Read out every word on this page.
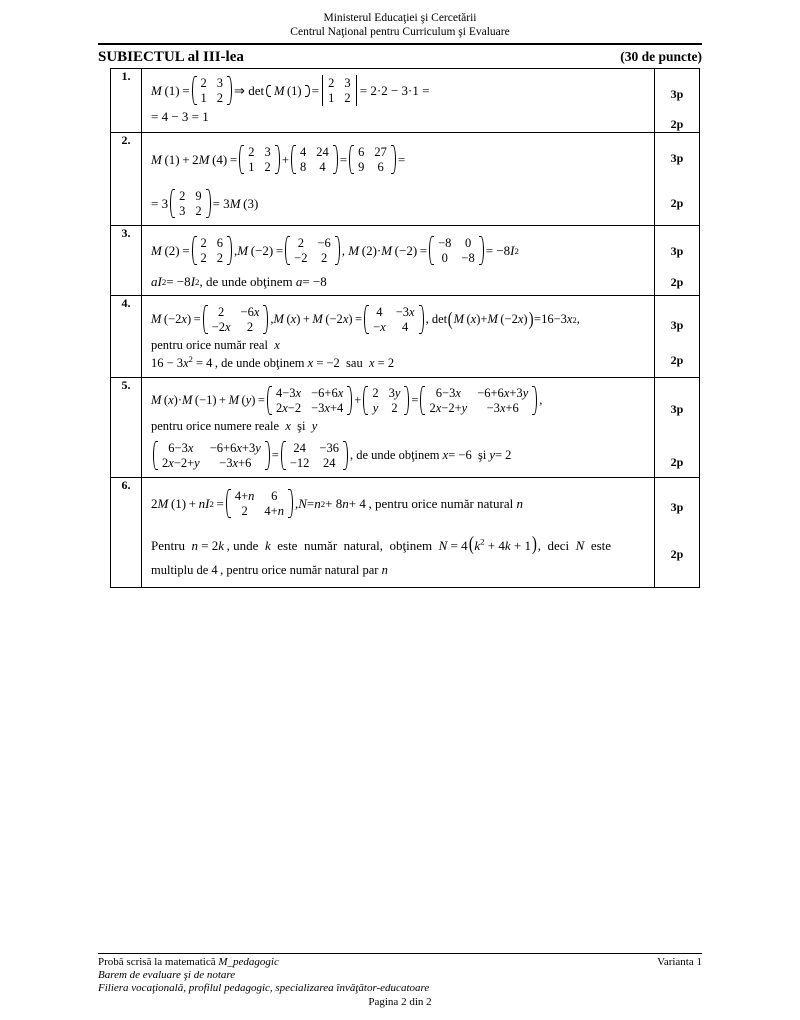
Ministerul Educaţiei şi Cercetării
Centrul Naţional pentru Curriculum şi Evaluare
SUBIECTUL al III-lea	(30 de puncte)
1.	
M  (1) = 2 3
1 2 ⇒ det M (1) = 2 3
1 2 = 2·2 − 3·1 =
= 4 − 3 = 1

3p
2p

2.	
M  (1) + 2 M  (4) = 2 3
1 2 + 4 24
8 4 = 6 27
9 6 =
= 3 2 9
3 2 = 3 M  (3)

3p
2p

3.	
M  (2) = 2 6
2 2 , M  (−2) = 2 −6
−2 2 , M  (2)· M  (−2) = −8 0
0 −8 = −8 I 2
aI 2 = −8 I 2 , de unde obţinem a = −8

3p
2p

4.	
M  (−2 x ) =	2	−6x
−2x	2
, M  ( x ) +  M  (−2 x ) = 4 −3x
−x	4
, det ( M  ( x )+ M  (−2 x ) ) =16−3 x 2 ,
pentru orice număr real  x
$16 - 3x^2 = 4$ , de unde obţinem x = −2  sau  x = 2

3p
2p

5.	
M  ( x )· M  (−1) +  M  ( y ) = 4−3x −6+6x
2x−2 −3x+4
+ 2 3y
y 2
=	6−3x	−6+6x+3y
2x−2+y	−3x+6
,
pentru orice numere reale  x  şi  y
6−3x	−6+6x+3y
2x−2+y	−3x+6
= 24 −36
−12 24
, de unde obţinem x = −6  şi y = 2

3p
2p

6.	
2 M  (1) +  nI 2  = 4+n	6
2	4+n , N = n 2 + 8 n + 4 , pentru orice număr natural n
Pentru  n = 2k , unde  k  este  număr  natural,  obţinem  $N = 4(k^2 + 4k + 1)$,  deci  N  este
multiplu de 4 , pentru orice număr natural par n

3p
2p
Probă scrisă la matematică M_pedagogic	Varianta 1
Barem de evaluare şi de notare
Filiera vocaţională, profilul pedagogic, specializarea învăţător-educatoare
Pagina 2 din 2
